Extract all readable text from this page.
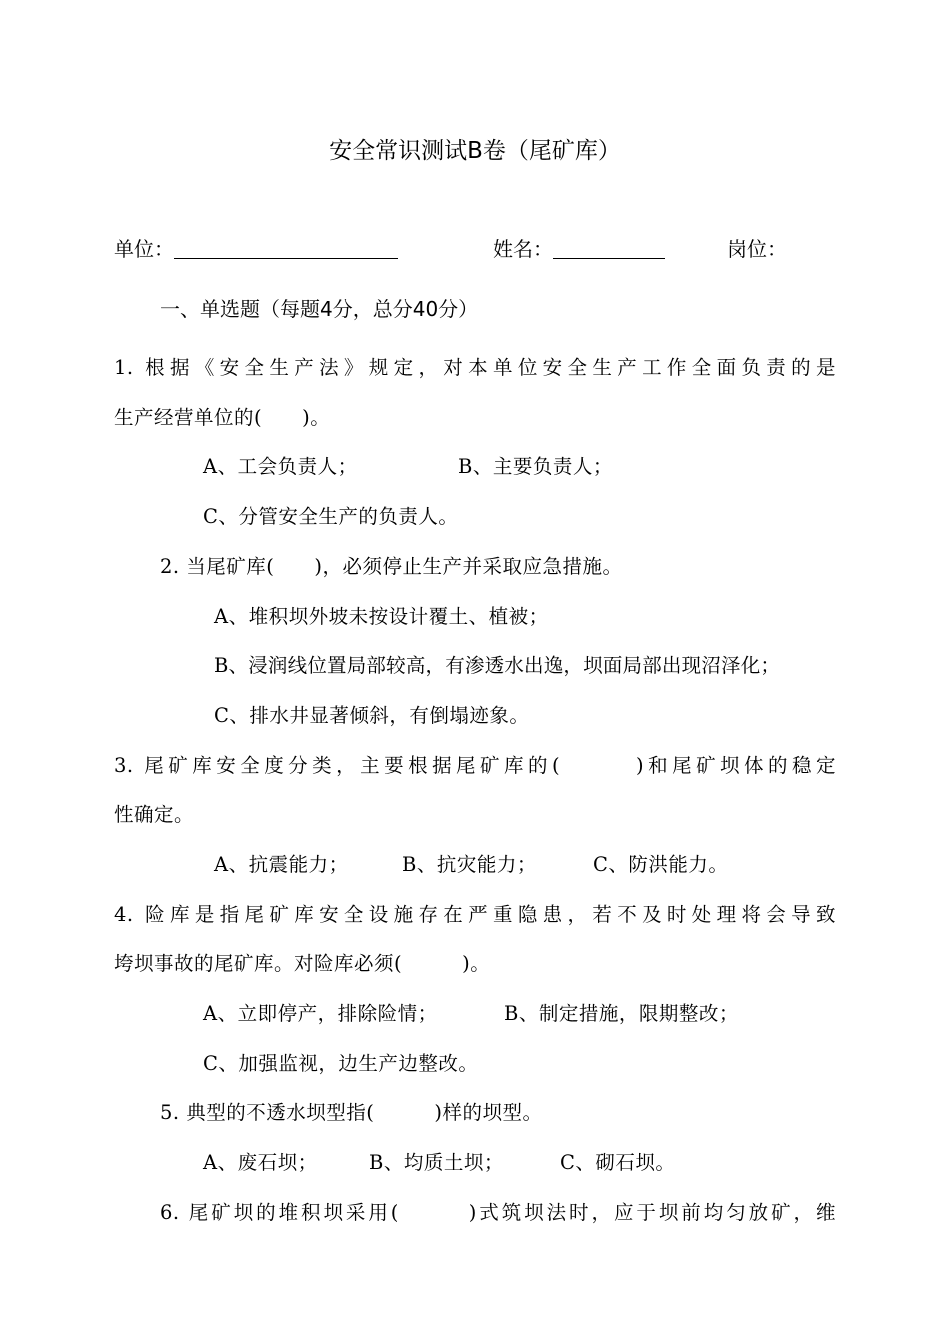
安全常识测试B卷（尾矿库）
单位：	姓名：	岗位：
一、单选题（每题4分，总分40分）
1. 根据《安全生产法》规定，对本单位安全生产工作全面负责的是
生产经营单位的(　　)。
A、工会负责人；	B、主要负责人；
C、分管安全生产的负责人。
2. 当尾矿库(　　)，必须停止生产并采取应急措施。
A、堆积坝外坡未按设计覆土、植被；
B、浸润线位置局部较高，有渗透水出逸，坝面局部出现沼泽化；
C、排水井显著倾斜，有倒塌迹象。
3. 尾矿库安全度分类，主要根据尾矿库的(　　　)和尾矿坝体的稳定
性确定。
A、抗震能力；	B、抗灾能力；	C、防洪能力。
4. 险库是指尾矿库安全设施存在严重隐患，若不及时处理将会导致
垮坝事故的尾矿库。对险库必须(　　　)。
A、立即停产，排除险情；	B、制定措施，限期整改；
C、加强监视，边生产边整改。
5. 典型的不透水坝型指(　　　)样的坝型。
A、废石坝；	B、均质土坝；	C、砌石坝。
6. 尾矿坝的堆积坝采用(　　　)式筑坝法时，应于坝前均匀放矿，维
